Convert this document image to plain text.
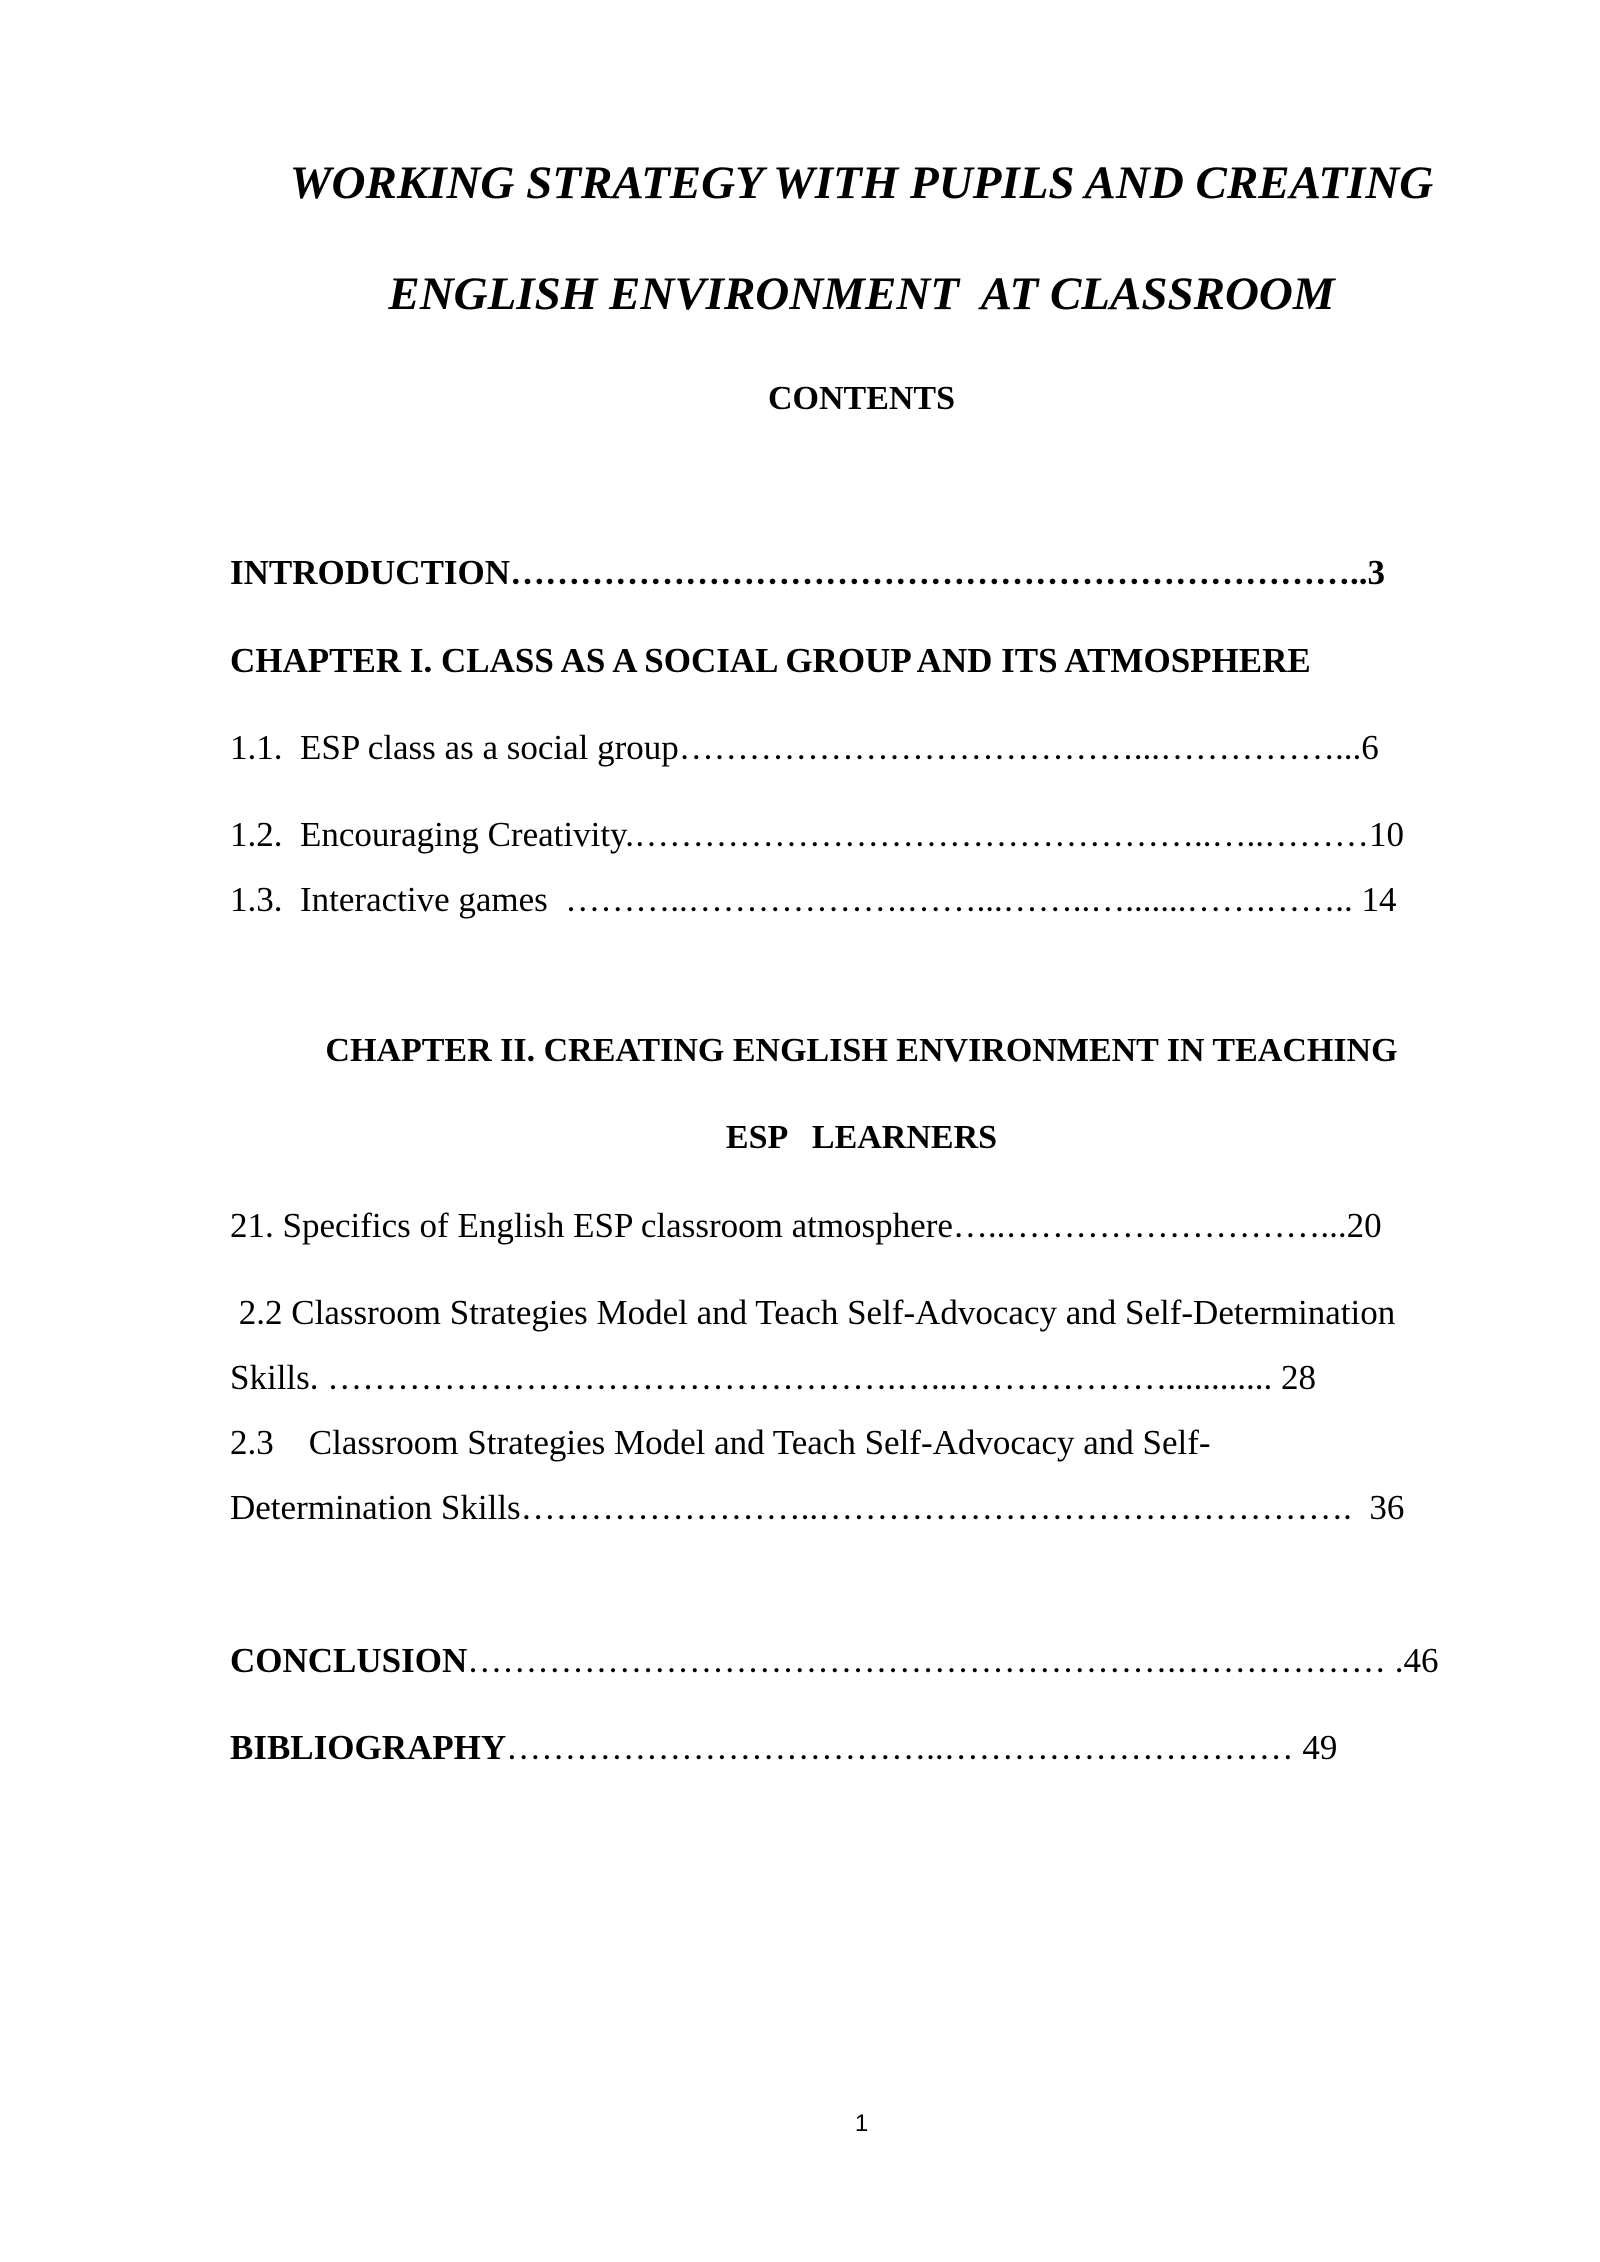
WORKING STRATEGY WITH PUPILS AND CREATING
ENGLISH ENVIRONMENT  AT CLASSROOM
CONTENTS
INTRODUCTION………………………………………………………………..3
CHAPTER I. CLASS AS A SOCIAL GROUP AND ITS ATMOSPHERE
1.1.  ESP class as a social group…………………………………...……………...6
1.2.  Encouraging Creativity.…………………………………………..…..………10
1.3.  Interactive games  ………..……………….……...……..….......…….…….. 14
CHAPTER II. CREATING ENGLISH ENVIRONMENT IN TEACHING
ESP   LEARNERS
21. Specifics of English ESP classroom atmosphere…..………………………...20
2.2 Classroom Strategies Model and Teach Self-Advocacy and Self-Determination
Skills. ………………………………………….…...………………............ 28
2.3    Classroom Strategies Model and Teach Self-Advocacy and Self-
Determination Skills……………………..……………………………………….  36
CONCLUSION…………………………………………………….……………… .46
BIBLIOGRAPHY………………………………..………………………… 49
1
